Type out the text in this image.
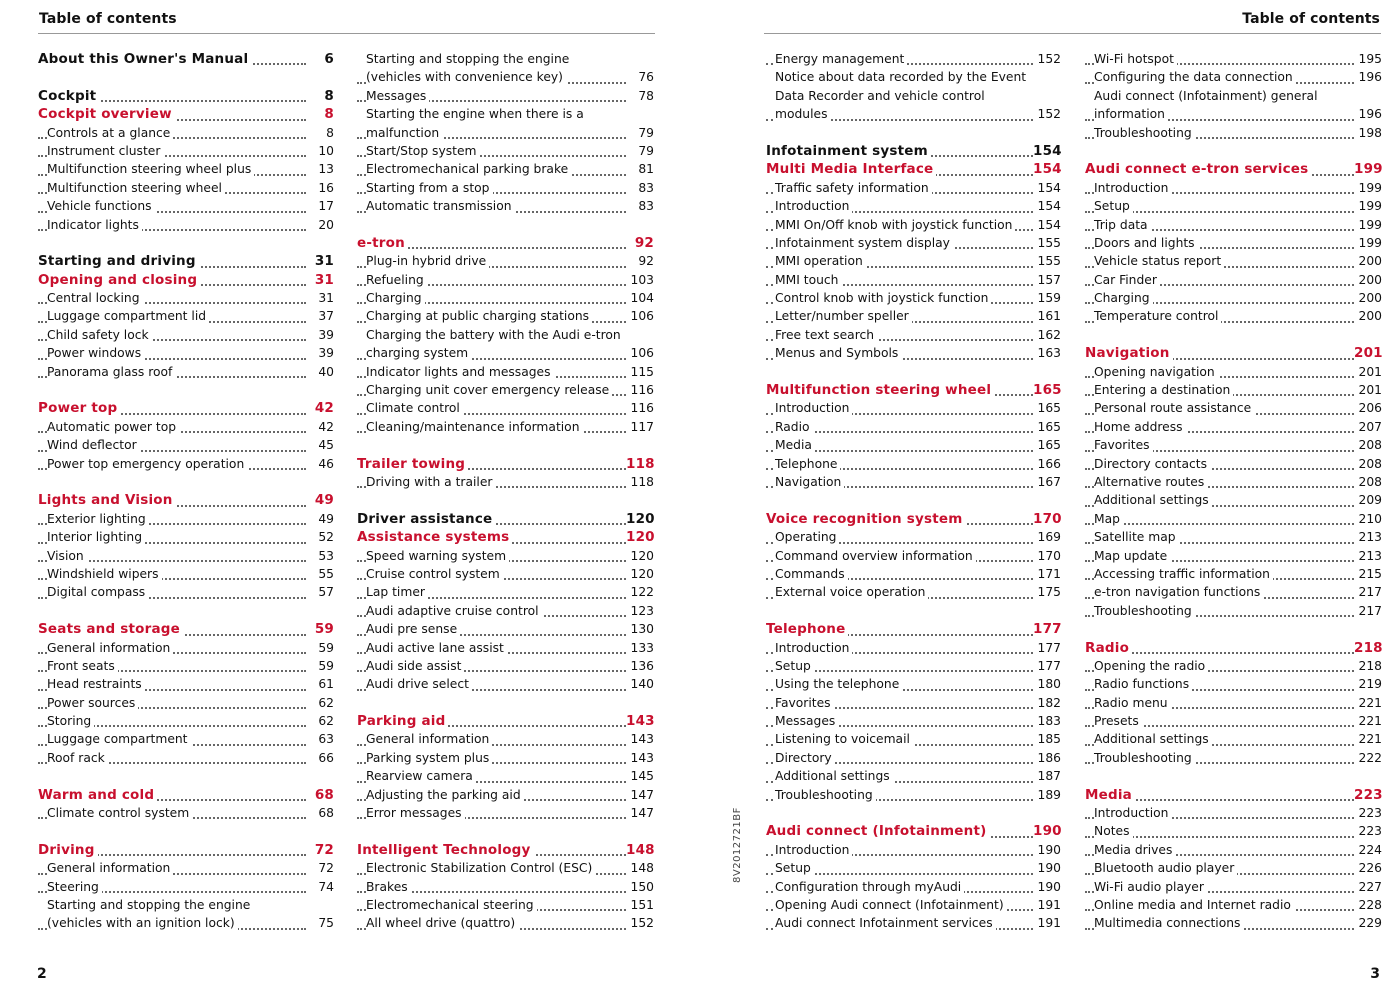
Table of contents
About this Owner's Manual	6
Cockpit	8
Cockpit overview	8
Controls at a glance	8
Instrument cluster	10
Multifunction steering wheel plus	13
Multifunction steering wheel	16
Vehicle functions	17
Indicator lights	20
Starting and driving	31
Opening and closing	31
Central locking	31
Luggage compartment lid	37
Child safety lock	39
Power windows	39
Panorama glass roof	40
Power top	42
Automatic power top	42
Wind deflector	45
Power top emergency operation	46
Lights and Vision	49
Exterior lighting	49
Interior lighting	52
Vision	53
Windshield wipers	55
Digital compass	57
Seats and storage	59
General information	59
Front seats	59
Head restraints	61
Power sources	62
Storing	62
Luggage compartment	63
Roof rack	66
Warm and cold	68
Climate control system	68
Driving	72
General information	72
Steering	74
Starting and stopping the engine
(vehicles with an ignition lock)	75
Starting and stopping the engine
(vehicles with convenience key)	76
Messages	78
Starting the engine when there is a
malfunction	79
Start/Stop system	79
Electromechanical parking brake	81
Starting from a stop	83
Automatic transmission	83
e-tron	92
Plug-in hybrid drive	92
Refueling	103
Charging	104
Charging at public charging stations	106
Charging the battery with the Audi e-tron
charging system	106
Indicator lights and messages	115
Charging unit cover emergency release	116
Climate control	116
Cleaning/maintenance information	117
Trailer towing	118
Driving with a trailer	118
Driver assistance	120
Assistance systems	120
Speed warning system	120
Cruise control system	120
Lap timer	122
Audi adaptive cruise control	123
Audi pre sense	130
Audi active lane assist	133
Audi side assist	136
Audi drive select	140
Parking aid	143
General information	143
Parking system plus	143
Rearview camera	145
Adjusting the parking aid	147
Error messages	147
Intelligent Technology	148
Electronic Stabilization Control (ESC)	148
Brakes	150
Electromechanical steering	151
All wheel drive (quattro)	152
2
8V2012721BF
Table of contents
Energy management	152
Notice about data recorded by the Event
Data Recorder and vehicle control
modules	152
Infotainment system	154
Multi Media Interface	154
Traffic safety information	154
Introduction	154
MMI On/Off knob with joystick function	154
Infotainment system display	155
MMI operation	155
MMI touch	157
Control knob with joystick function	159
Letter/number speller	161
Free text search	162
Menus and Symbols	163
Multifunction steering wheel	165
Introduction	165
Radio	165
Media	165
Telephone	166
Navigation	167
Voice recognition system	170
Operating	169
Command overview information	170
Commands	171
External voice operation	175
Telephone	177
Introduction	177
Setup	177
Using the telephone	180
Favorites	182
Messages	183
Listening to voicemail	185
Directory	186
Additional settings	187
Troubleshooting	189
Audi connect (Infotainment)	190
Introduction	190
Setup	190
Configuration through myAudi	190
Opening Audi connect (Infotainment)	191
Audi connect Infotainment services	191
Wi-Fi hotspot	195
Configuring the data connection	196
Audi connect (Infotainment) general
information	196
Troubleshooting	198
Audi connect e-tron services	199
Introduction	199
Setup	199
Trip data	199
Doors and lights	199
Vehicle status report	200
Car Finder	200
Charging	200
Temperature control	200
Navigation	201
Opening navigation	201
Entering a destination	201
Personal route assistance	206
Home address	207
Favorites	208
Directory contacts	208
Alternative routes	208
Additional settings	209
Map	210
Satellite map	213
Map update	213
Accessing traffic information	215
e-tron navigation functions	217
Troubleshooting	217
Radio	218
Opening the radio	218
Radio functions	219
Radio menu	221
Presets	221
Additional settings	221
Troubleshooting	222
Media	223
Introduction	223
Notes	223
Media drives	224
Bluetooth audio player	226
Wi-Fi audio player	227
Online media and Internet radio	228
Multimedia connections	229
3
